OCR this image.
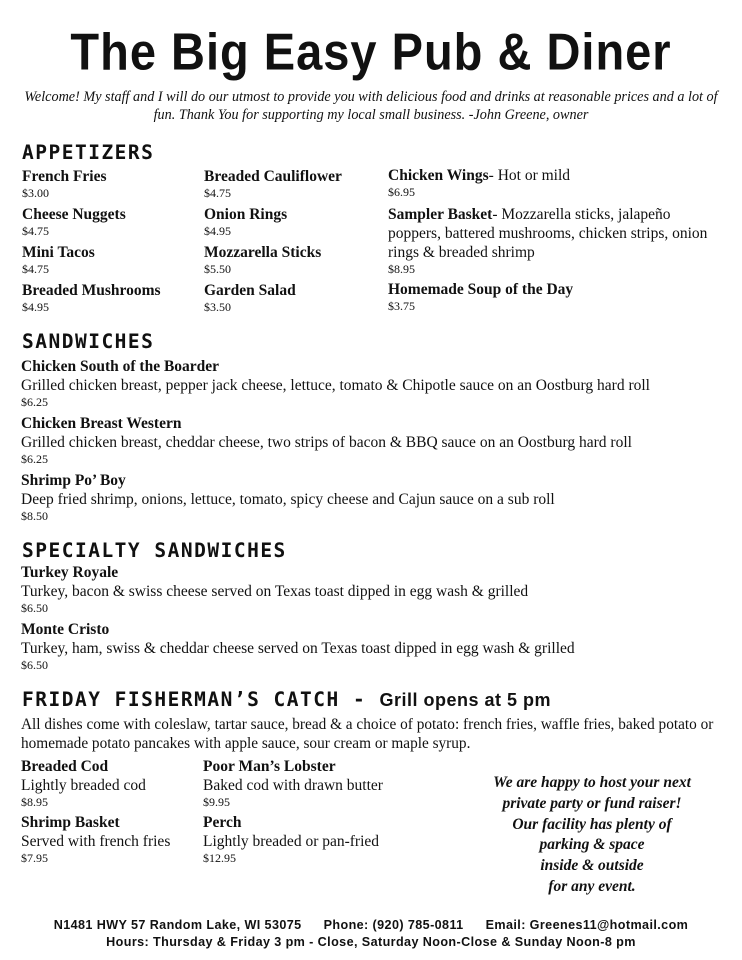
The Big Easy Pub & Diner
Welcome! My staff and I will do our utmost to provide you with delicious food and drinks at reasonable prices and a lot of fun. Thank You for supporting my local small business. -John Greene, owner
APPETIZERS
French Fries
$3.00
Cheese Nuggets
$4.75
Mini Tacos
$4.75
Breaded Mushrooms
$4.95
Breaded Cauliflower
$4.75
Onion Rings
$4.95
Mozzarella Sticks
$5.50
Garden Salad
$3.50
Chicken Wings- Hot or mild
$6.95
Sampler Basket- Mozzarella sticks, jalapeño poppers, battered mushrooms, chicken strips, onion rings & breaded shrimp
$8.95
Homemade Soup of the Day
$3.75
SANDWICHES
Chicken South of the Boarder
Grilled chicken breast, pepper jack cheese, lettuce, tomato & Chipotle sauce on an Oostburg hard roll
$6.25
Chicken Breast Western
Grilled chicken breast, cheddar cheese, two strips of bacon & BBQ sauce on an Oostburg hard roll
$6.25
Shrimp Po’ Boy
Deep fried shrimp, onions, lettuce, tomato, spicy cheese and Cajun sauce on a sub roll
$8.50
SPECIALTY SANDWICHES
Turkey Royale
Turkey, bacon & swiss cheese served on Texas toast dipped in egg wash & grilled
$6.50
Monte Cristo
Turkey, ham, swiss & cheddar cheese served on Texas toast dipped in egg wash & grilled
$6.50
FRIDAY FISHERMAN’S CATCH - Grill opens at 5 pm
All dishes come with coleslaw, tartar sauce, bread & a choice of potato: french fries, waffle fries, baked potato or homemade potato pancakes with apple sauce, sour cream or maple syrup.
Breaded Cod
Lightly breaded cod
$8.95
Shrimp Basket
Served with french fries
$7.95
Poor Man’s Lobster
Baked cod with drawn butter
$9.95
Perch
Lightly breaded or pan-fried
$12.95
We are happy to host your next
private party or fund raiser!
Our facility has plenty of
parking & space
inside & outside
for any event.
N1481 HWY 57 Random Lake, WI 53075 Phone: (920) 785-0811 Email: Greenes11@hotmail.com
Hours: Thursday & Friday 3 pm - Close, Saturday Noon-Close & Sunday Noon-8 pm
